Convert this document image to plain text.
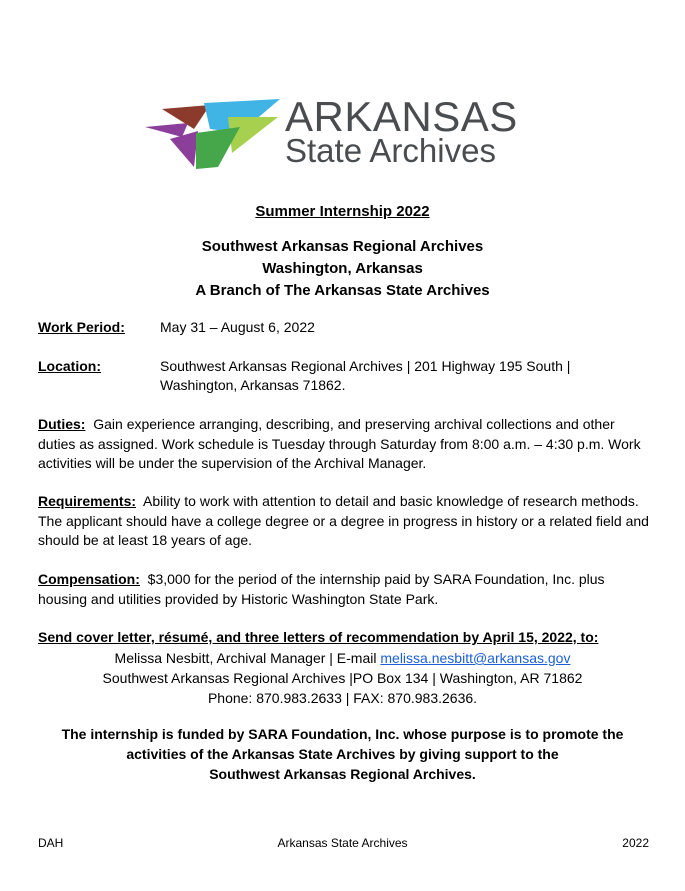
ARKANSAS
State Archives
Summer Internship 2022
Southwest Arkansas Regional Archives
Washington, Arkansas
A Branch of The Arkansas State Archives
Work Period:	May 31 – August 6, 2022
Location:	Southwest Arkansas Regional Archives | 201 Highway 195 South |
Washington, Arkansas 71862.
Duties: Gain experience arranging, describing, and preserving archival collections and other duties as assigned. Work schedule is Tuesday through Saturday from 8:00 a.m. – 4:30 p.m. Work activities will be under the supervision of the Archival Manager.
Requirements: Ability to work with attention to detail and basic knowledge of research methods. The applicant should have a college degree or a degree in progress in history or a related field and should be at least 18 years of age.
Compensation: $3,000 for the period of the internship paid by SARA Foundation, Inc. plus housing and utilities provided by Historic Washington State Park.
Send cover letter, résumé, and three letters of recommendation by April 15, 2022, to:
Melissa Nesbitt, Archival Manager | E-mail melissa.nesbitt@arkansas.gov
Southwest Arkansas Regional Archives |PO Box 134 | Washington, AR 71862
Phone: 870.983.2633 | FAX: 870.983.2636.
The internship is funded by SARA Foundation, Inc. whose purpose is to promote the
activities of the Arkansas State Archives by giving support to the
Southwest Arkansas Regional Archives.
DAH	Arkansas State Archives	2022
